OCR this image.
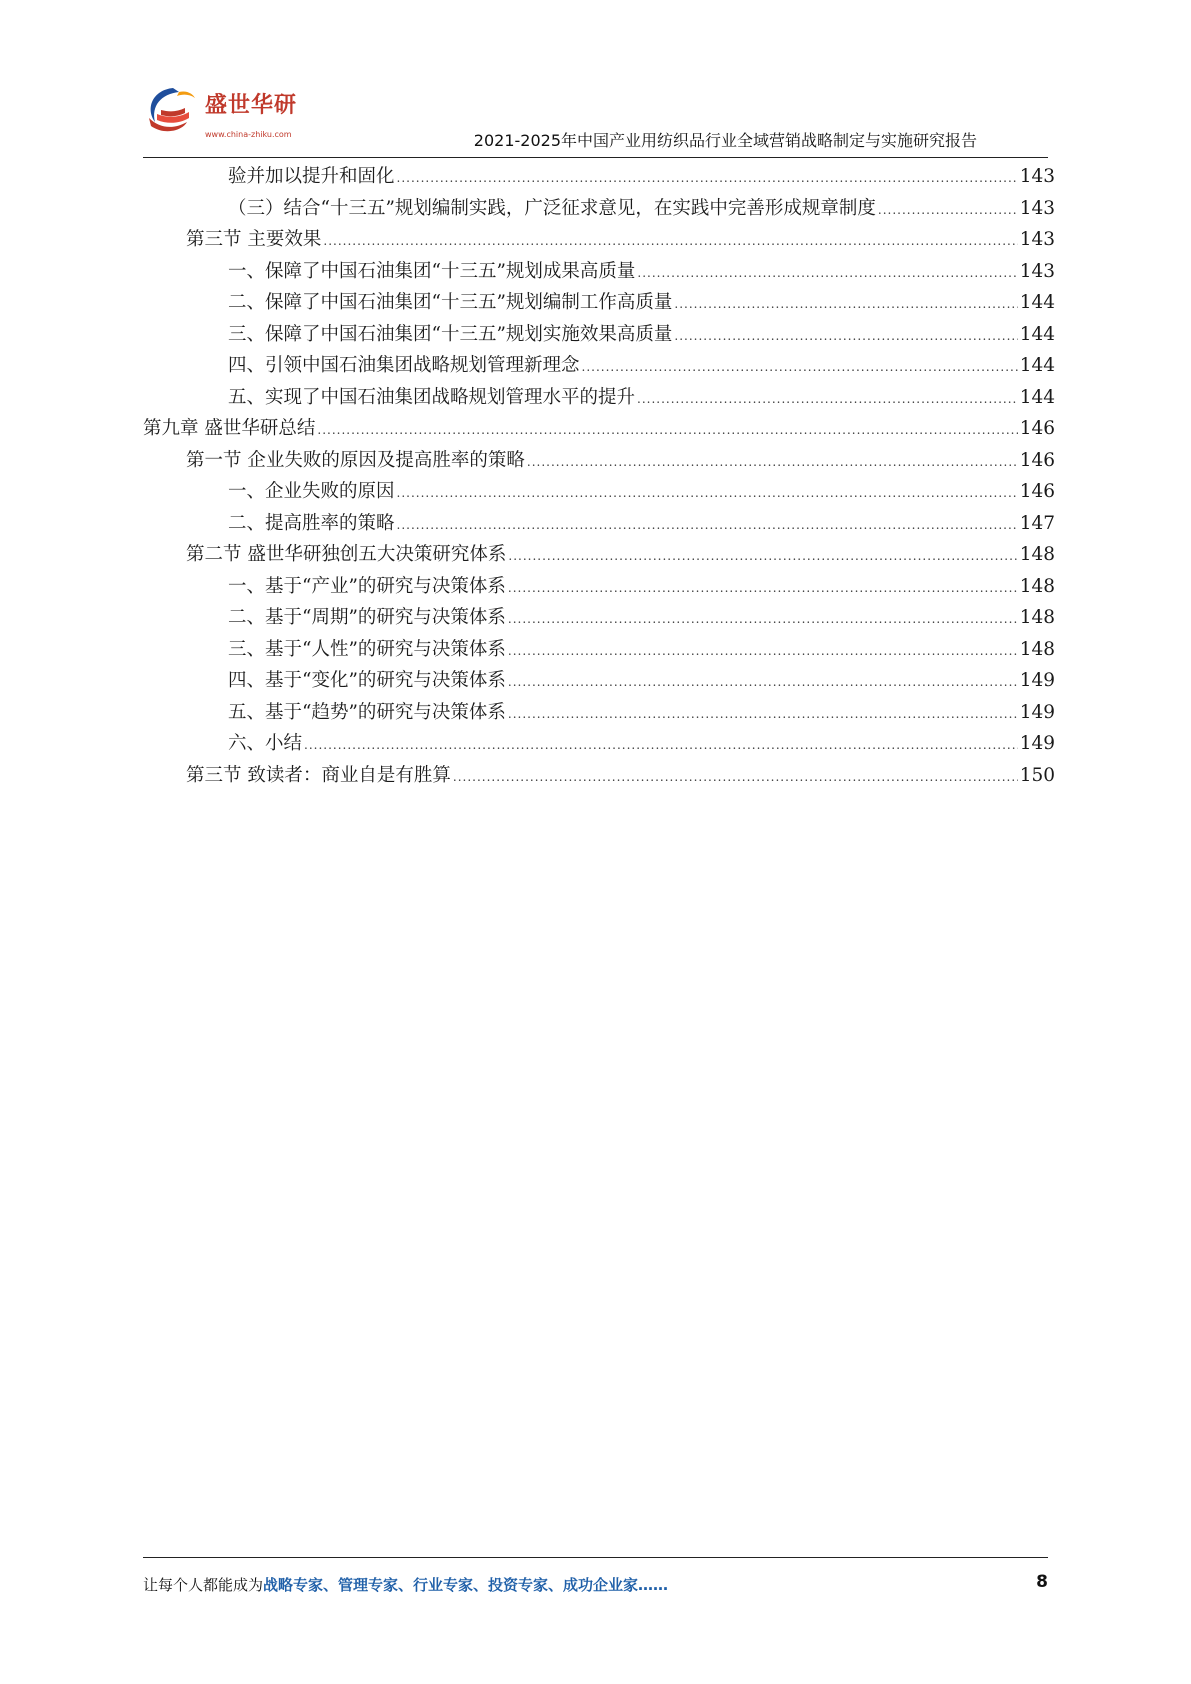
盛世华研
www.china-zhiku.com	2021-2025年中国产业用纺织品行业全域营销战略制定与实施研究报告
验并加以提升和固化 .....	143
（三）结合“十三五”规划编制实践，广泛征求意见，在实践中完善形成规章制度 .....	143
第三节 主要效果 .....	143
一、保障了中国石油集团“十三五”规划成果高质量 .....	143
二、保障了中国石油集团“十三五”规划编制工作高质量 .....	144
三、保障了中国石油集团“十三五”规划实施效果高质量 .....	144
四、引领中国石油集团战略规划管理新理念 .....	144
五、实现了中国石油集团战略规划管理水平的提升 .....	144
第九章 盛世华研总结 .....	146
第一节 企业失败的原因及提高胜率的策略 .....	146
一、企业失败的原因 .....	146
二、提高胜率的策略 .....	147
第二节 盛世华研独创五大决策研究体系 .....	148
一、基于“产业”的研究与决策体系 .....	148
二、基于“周期”的研究与决策体系 .....	148
三、基于“人性”的研究与决策体系 .....	148
四、基于“变化”的研究与决策体系 .....	149
五、基于“趋势”的研究与决策体系 .....	149
六、小结 .....	149
第三节 致读者：商业自是有胜算 .....	150
让每个人都能成为战略专家、管理专家、行业专家、投资专家、成功企业家……	8
